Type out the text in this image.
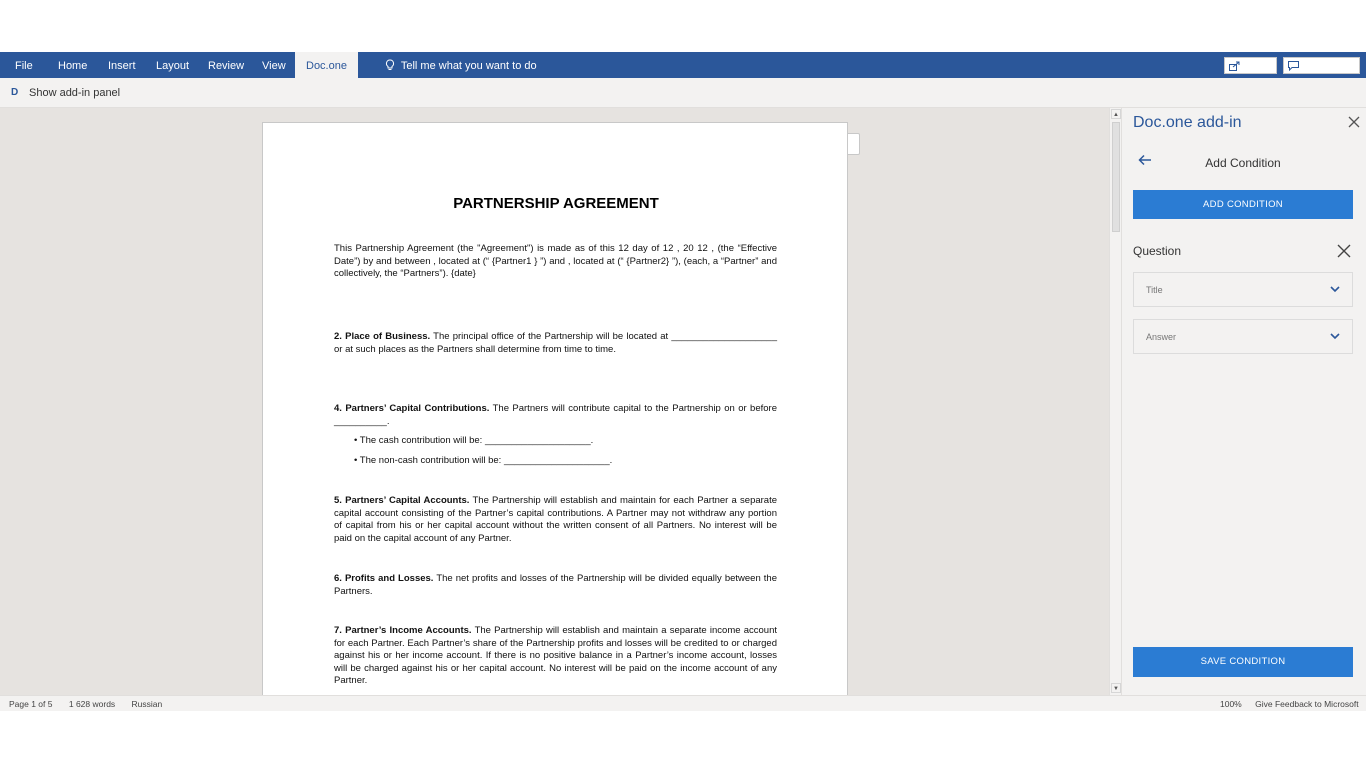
File Home Insert Layout Review View	Doc.one	Tell me what you want to do
D Show add-in panel
PARTNERSHIP AGREEMENT
This Partnership Agreement (the "Agreement") is made as of this 12 day of 12 , 20 12 , (the “Effective Date”) by and between , located at (“ {Partner1 } ”) and , located at (“ {Partner2} ”), (each, a “Partner” and collectively, the “Partners”). {date}
2. Place of Business. The principal office of the Partnership will be located at ____________________ or at such places as the Partners shall determine from time to time.
4. Partners’ Capital Contributions. The Partners will contribute capital to the Partnership on or before __________.
• The cash contribution will be: ____________________.
• The non-cash contribution will be: ____________________.
5. Partners’ Capital Accounts. The Partnership will establish and maintain for each Partner a separate capital account consisting of the Partner’s capital contributions. A Partner may not withdraw any portion of capital from his or her capital account without the written consent of all Partners. No interest will be paid on the capital account of any Partner.
6. Profits and Losses. The net profits and losses of the Partnership will be divided equally between the Partners.
7. Partner’s Income Accounts. The Partnership will establish and maintain a separate income account for each Partner. Each Partner’s share of the Partnership profits and losses will be credited to or charged against his or her income account. If there is no positive balance in a Partner’s income account, losses will be charged against his or her capital account. No interest will be paid on the income account of any Partner.
▲
▼
Doc.one add-in
Add Condition
ADD CONDITION
Question
Title
Answer
SAVE CONDITION
Page 1 of 5 1 628 words Russian	100% Give Feedback to Microsoft
